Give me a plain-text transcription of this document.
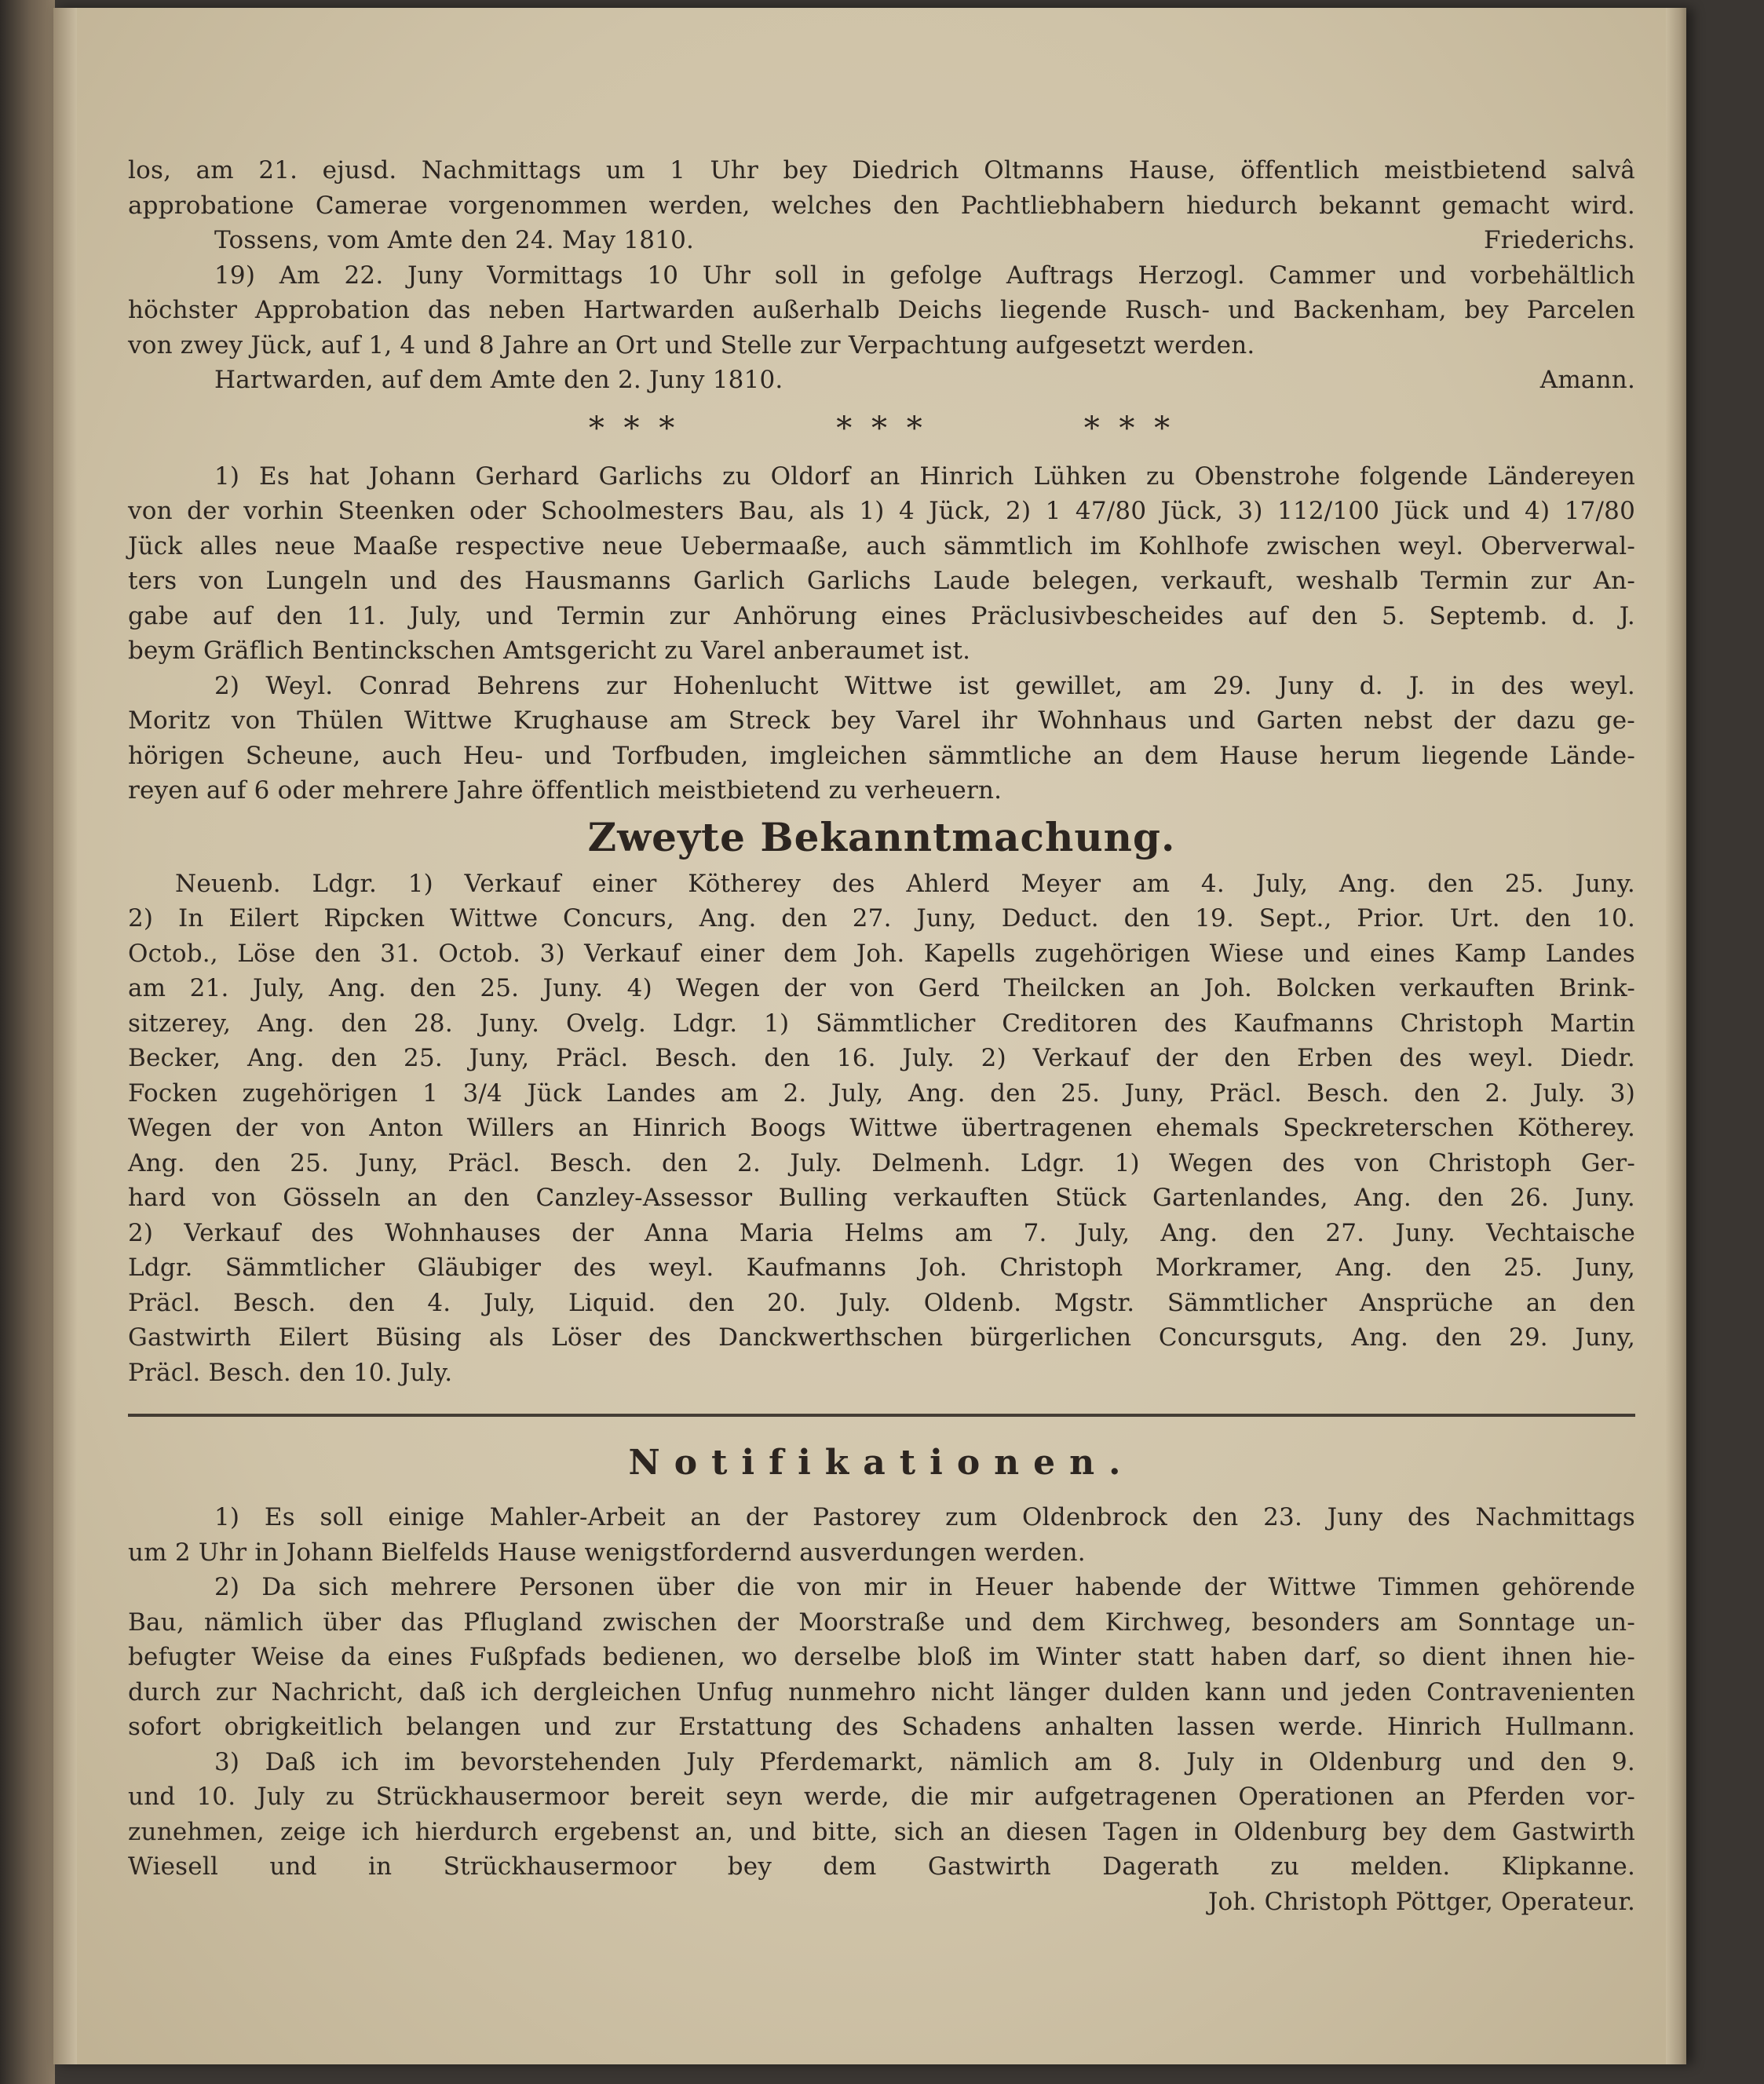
los, am 21. ejusd. Nachmittags um 1 Uhr bey Diedrich Oltmanns Hause, öffentlich meistbietend salvâ
approbatione Camerae vorgenommen werden, welches den Pachtliebhabern hiedurch bekannt gemacht wird.
Tossens, vom Amte den 24. May 1810.	Friederichs.
19) Am 22. Juny Vormittags 10 Uhr soll in gefolge Auftrags Herzogl. Cammer und vorbehältlich
höchster Approbation das neben Hartwarden außerhalb Deichs liegende Rusch- und Backenham, bey Parcelen
von zwey Jück, auf 1, 4 und 8 Jahre an Ort und Stelle zur Verpachtung aufgesetzt werden.
Hartwarden, auf dem Amte den 2. Juny 1810.	Amann.
* * *	* * *	* * *
1) Es hat Johann Gerhard Garlichs zu Oldorf an Hinrich Lühken zu Obenstrohe folgende Ländereyen
von der vorhin Steenken oder Schoolmesters Bau, als 1) 4 Jück, 2) 1 47/80 Jück, 3) 112/100 Jück und 4) 17/80
Jück alles neue Maaße respective neue Uebermaaße, auch sämmtlich im Kohlhofe zwischen weyl. Oberverwal-
ters von Lungeln und des Hausmanns Garlich Garlichs Laude belegen, verkauft, weshalb Termin zur An-
gabe auf den 11. July, und Termin zur Anhörung eines Präclusivbescheides auf den 5. Septemb. d. J.
beym Gräflich Bentinckschen Amtsgericht zu Varel anberaumet ist.
2) Weyl. Conrad Behrens zur Hohenlucht Wittwe ist gewillet, am 29. Juny d. J. in des weyl.
Moritz von Thülen Wittwe Krughause am Streck bey Varel ihr Wohnhaus und Garten nebst der dazu ge-
hörigen Scheune, auch Heu- und Torfbuden, imgleichen sämmtliche an dem Hause herum liegende Lände-
reyen auf 6 oder mehrere Jahre öffentlich meistbietend zu verheuern.
Zweyte Bekanntmachung.
Neuenb. Ldgr. 1) Verkauf einer Kötherey des Ahlerd Meyer am 4. July, Ang. den 25. Juny.
2) In Eilert Ripcken Wittwe Concurs, Ang. den 27. Juny, Deduct. den 19. Sept., Prior. Urt. den 10.
Octob., Löse den 31. Octob. 3) Verkauf einer dem Joh. Kapells zugehörigen Wiese und eines Kamp Landes
am 21. July, Ang. den 25. Juny. 4) Wegen der von Gerd Theilcken an Joh. Bolcken verkauften Brink-
sitzerey, Ang. den 28. Juny. Ovelg. Ldgr. 1) Sämmtlicher Creditoren des Kaufmanns Christoph Martin
Becker, Ang. den 25. Juny, Präcl. Besch. den 16. July. 2) Verkauf der den Erben des weyl. Diedr.
Focken zugehörigen 1 3/4 Jück Landes am 2. July, Ang. den 25. Juny, Präcl. Besch. den 2. July. 3)
Wegen der von Anton Willers an Hinrich Boogs Wittwe übertragenen ehemals Speckreterschen Kötherey.
Ang. den 25. Juny, Präcl. Besch. den 2. July. Delmenh. Ldgr. 1) Wegen des von Christoph Ger-
hard von Gösseln an den Canzley-Assessor Bulling verkauften Stück Gartenlandes, Ang. den 26. Juny.
2) Verkauf des Wohnhauses der Anna Maria Helms am 7. July, Ang. den 27. Juny. Vechtaische
Ldgr. Sämmtlicher Gläubiger des weyl. Kaufmanns Joh. Christoph Morkramer, Ang. den 25. Juny,
Präcl. Besch. den 4. July, Liquid. den 20. July. Oldenb. Mgstr. Sämmtlicher Ansprüche an den
Gastwirth Eilert Büsing als Löser des Danckwerthschen bürgerlichen Concursguts, Ang. den 29. Juny,
Präcl. Besch. den 10. July.
Notifikationen.
1) Es soll einige Mahler-Arbeit an der Pastorey zum Oldenbrock den 23. Juny des Nachmittags
um 2 Uhr in Johann Bielfelds Hause wenigstfordernd ausverdungen werden.
2) Da sich mehrere Personen über die von mir in Heuer habende der Wittwe Timmen gehörende
Bau, nämlich über das Pflugland zwischen der Moorstraße und dem Kirchweg, besonders am Sonntage un-
befugter Weise da eines Fußpfads bedienen, wo derselbe bloß im Winter statt haben darf, so dient ihnen hie-
durch zur Nachricht, daß ich dergleichen Unfug nunmehro nicht länger dulden kann und jeden Contravenienten
sofort obrigkeitlich belangen und zur Erstattung des Schadens anhalten lassen werde. Hinrich Hullmann.
3) Daß ich im bevorstehenden July Pferdemarkt, nämlich am 8. July in Oldenburg und den 9.
und 10. July zu Strückhausermoor bereit seyn werde, die mir aufgetragenen Operationen an Pferden vor-
zunehmen, zeige ich hierdurch ergebenst an, und bitte, sich an diesen Tagen in Oldenburg bey dem Gastwirth
Wiesell und in Strückhausermoor bey dem Gastwirth Dagerath zu melden. Klipkanne.
Joh. Christoph Pöttger, Operateur.
